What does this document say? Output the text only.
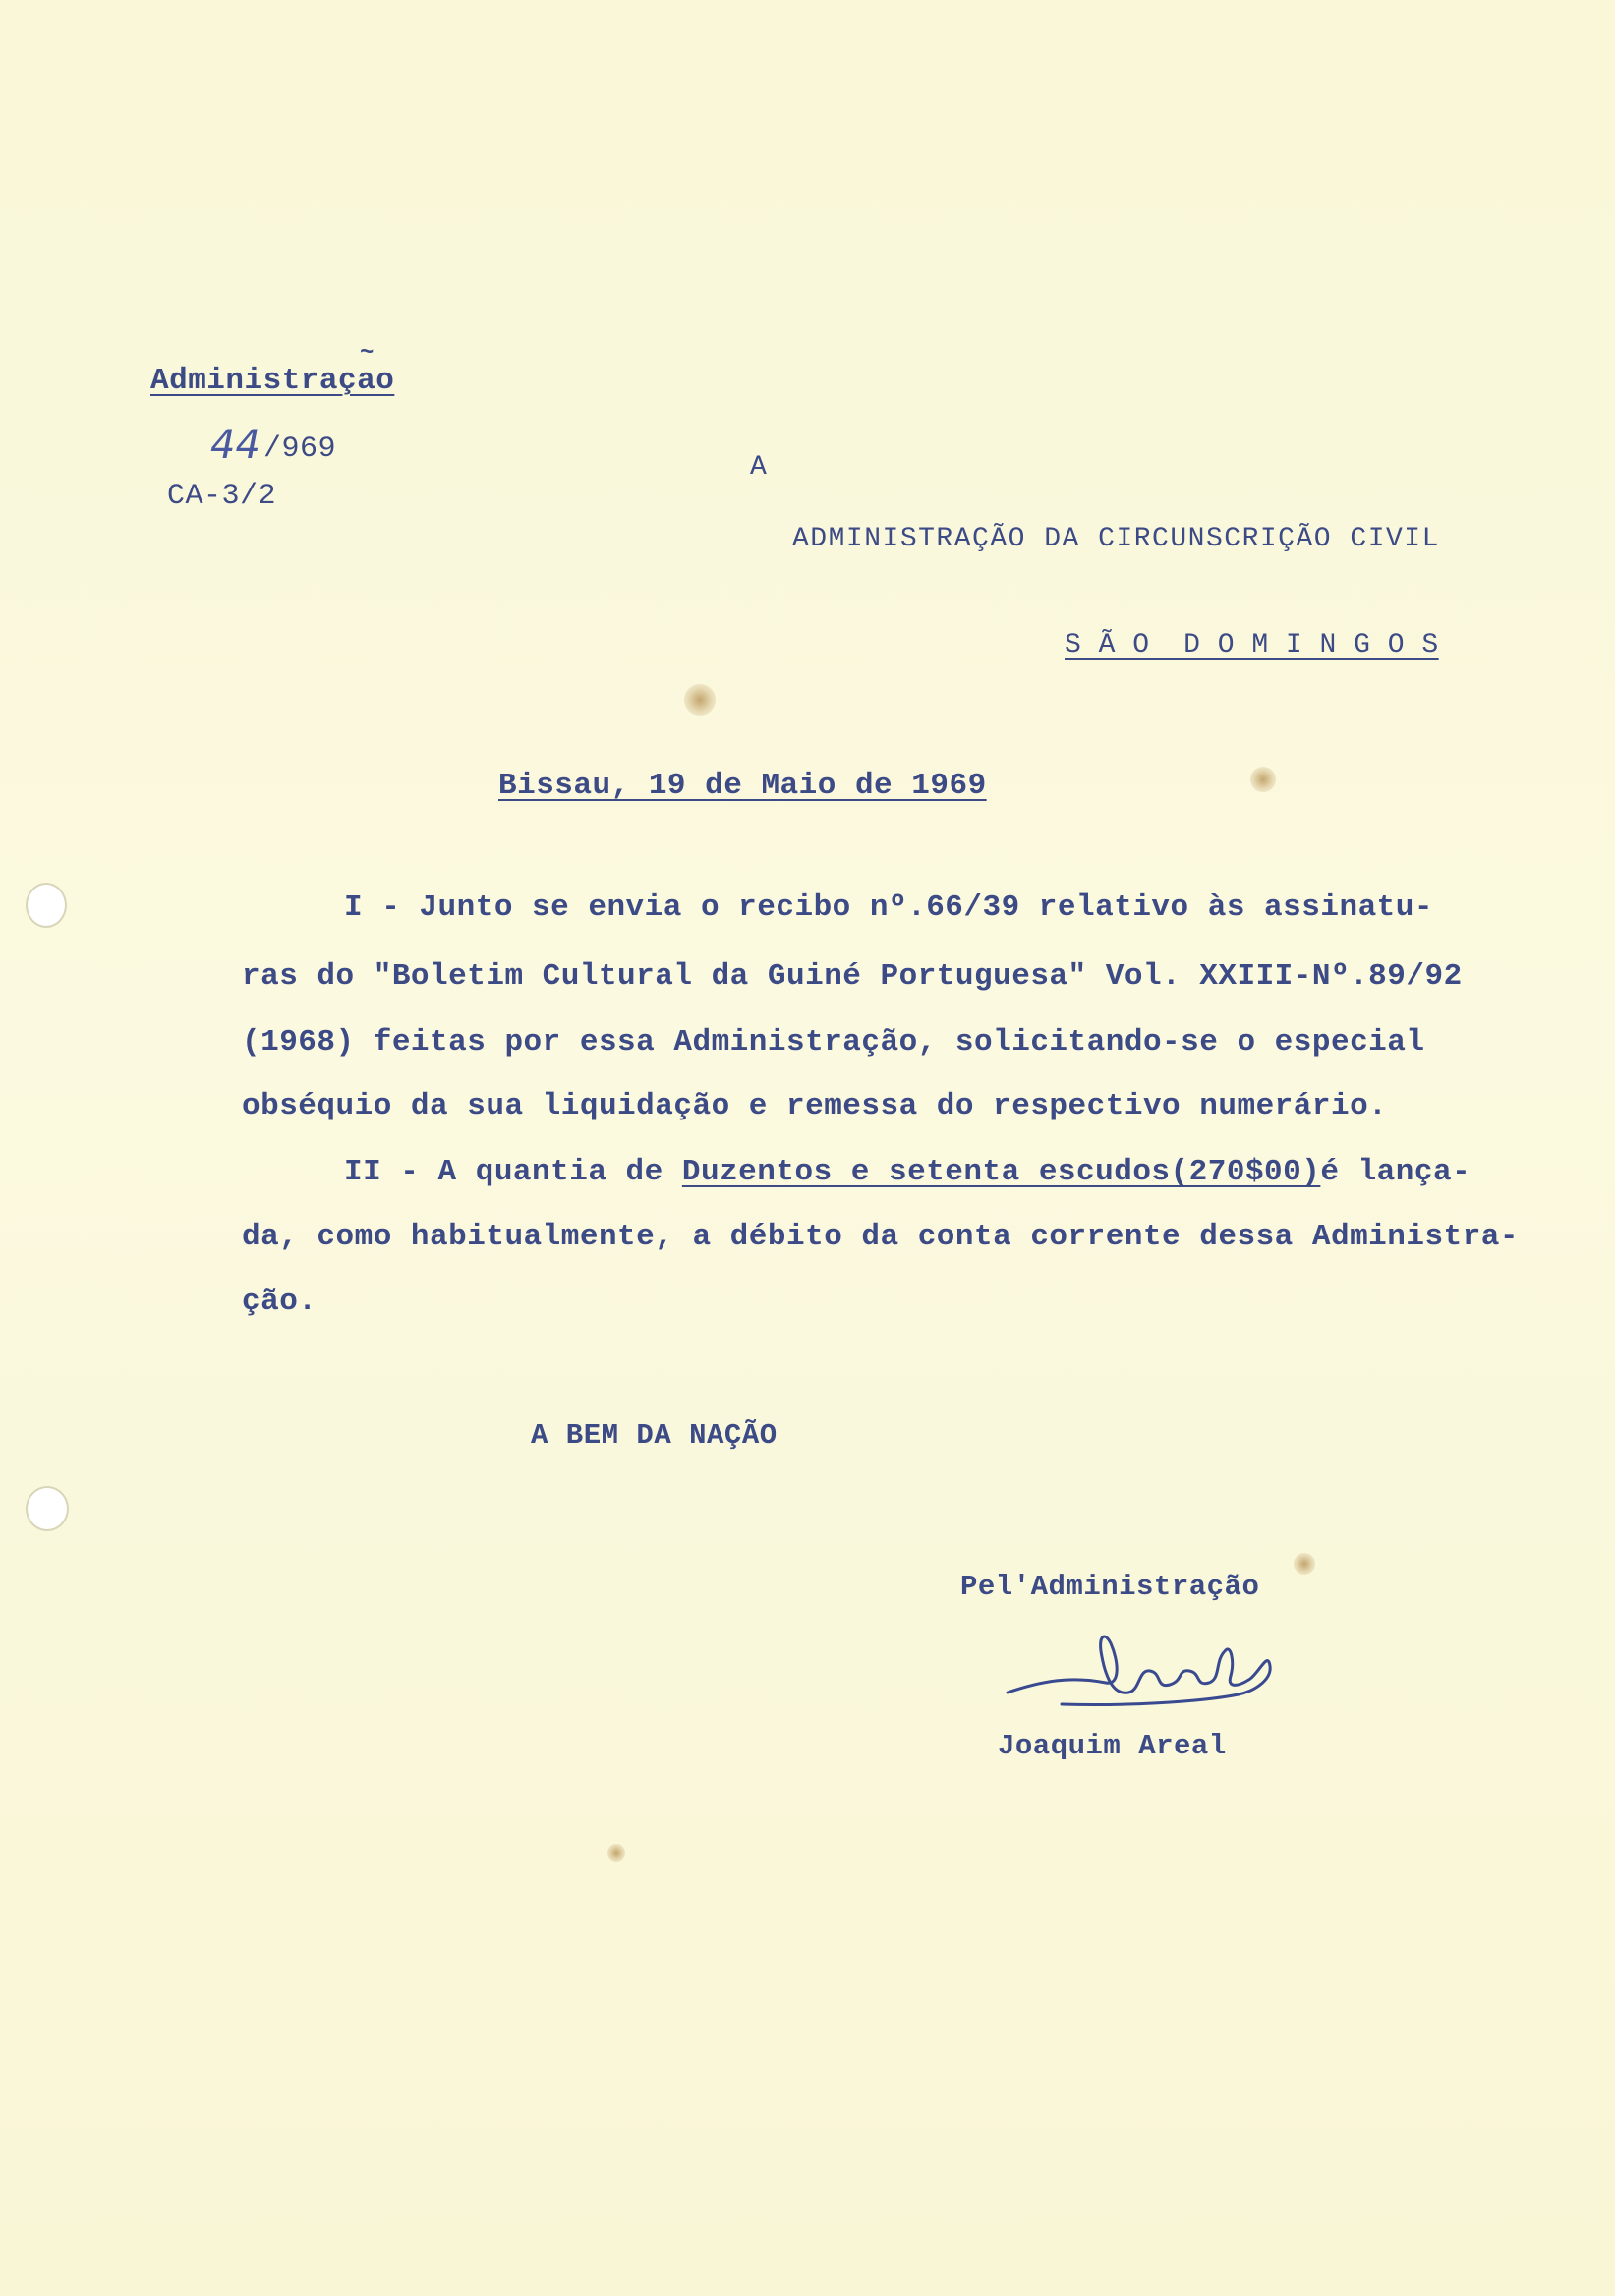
Administraçao
~
44 /969
CA-3/2
A
ADMINISTRAÇÃO DA CIRCUNSCRIÇÃO CIVIL
S Ã O  D O M I N G O S
Bissau, 19 de Maio de 1969
I - Junto se envia o recibo nº.66/39 relativo às assinatu-
ras do "Boletim Cultural da Guiné Portuguesa" Vol. XXIII-Nº.89/92
(1968) feitas por essa Administração, solicitando-se o especial
obséquio da sua liquidação e remessa do respectivo numerário.
II - A quantia de Duzentos e setenta escudos(270$00)é lança-
da, como habitualmente, a débito da conta corrente dessa Administra-
ção.
A BEM DA NAÇÃO
Pel'Administração
Joaquim Areal
